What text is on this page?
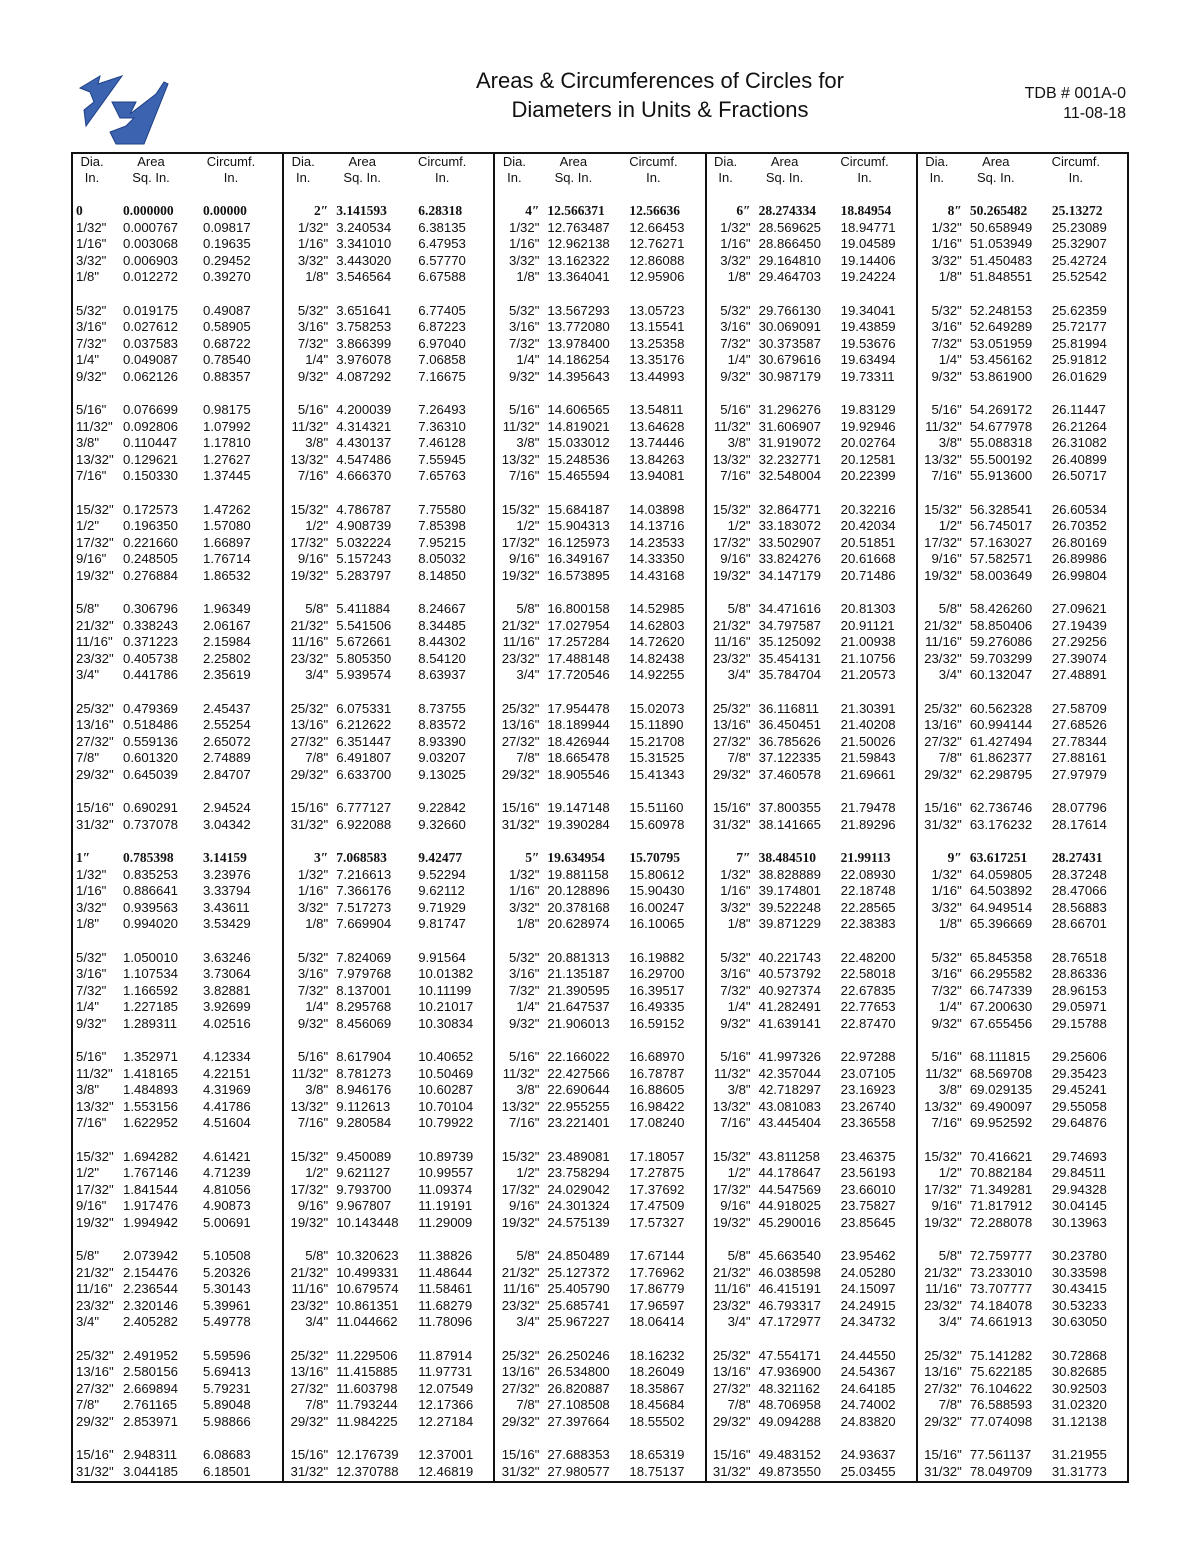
Areas & Circumferences of Circles for
Diameters in Units & Fractions
TDB # 001A-0
11-08-18
Dia.
In.
Area
Sq. In.
Circumf.
In.
0	0.000000	0.00000
1/32"	0.000767	0.09817
1/16"	0.003068	0.19635
3/32"	0.006903	0.29452
1/8"	0.012272	0.39270
5/32"	0.019175	0.49087
3/16"	0.027612	0.58905
7/32"	0.037583	0.68722
1/4"	0.049087	0.78540
9/32"	0.062126	0.88357
5/16"	0.076699	0.98175
11/32" 0.092806	1.07992
3/8"	0.110447	1.17810
13/32" 0.129621	1.27627
7/16"	0.150330	1.37445
15/32" 0.172573	1.47262
1/2"	0.196350	1.57080
17/32" 0.221660	1.66897
9/16"	0.248505	1.76714
19/32" 0.276884	1.86532
5/8"	0.306796	1.96349
21/32" 0.338243	2.06167
11/16" 0.371223	2.15984
23/32" 0.405738	2.25802
3/4"	0.441786	2.35619
25/32" 0.479369	2.45437
13/16" 0.518486	2.55254
27/32" 0.559136	2.65072
7/8"	0.601320	2.74889
29/32" 0.645039	2.84707
15/16" 0.690291	2.94524
31/32" 0.737078	3.04342
1″	0.785398	3.14159
1/32"	0.835253	3.23976
1/16"	0.886641	3.33794
3/32"	0.939563	3.43611
1/8"	0.994020	3.53429
5/32"	1.050010	3.63246
3/16"	1.107534	3.73064
7/32"	1.166592	3.82881
1/4"	1.227185	3.92699
9/32"	1.289311	4.02516
5/16"	1.352971	4.12334
11/32" 1.418165	4.22151
3/8"	1.484893	4.31969
13/32" 1.553156	4.41786
7/16"	1.622952	4.51604
15/32" 1.694282	4.61421
1/2"	1.767146	4.71239
17/32" 1.841544	4.81056
9/16"	1.917476	4.90873
19/32" 1.994942	5.00691
5/8"	2.073942	5.10508
21/32" 2.154476	5.20326
11/16" 2.236544	5.30143
23/32" 2.320146	5.39961
3/4"	2.405282	5.49778
25/32" 2.491952	5.59596
13/16" 2.580156	5.69413
27/32" 2.669894	5.79231
7/8"	2.761165	5.89048
29/32" 2.853971	5.98866
15/16" 2.948311	6.08683
31/32" 3.044185	6.18501
Dia.
In.
Area
Sq. In.
Circumf.
In.
2″ 3.141593	6.28318
1/32" 3.240534	6.38135
1/16" 3.341010	6.47953
3/32" 3.443020	6.57770
1/8" 3.546564	6.67588
5/32" 3.651641	6.77405
3/16" 3.758253	6.87223
7/32" 3.866399	6.97040
1/4" 3.976078	7.06858
9/32" 4.087292	7.16675
5/16" 4.200039	7.26493
11/32" 4.314321	7.36310
3/8" 4.430137	7.46128
13/32" 4.547486	7.55945
7/16" 4.666370	7.65763
15/32" 4.786787	7.75580
1/2" 4.908739	7.85398
17/32" 5.032224	7.95215
9/16" 5.157243	8.05032
19/32" 5.283797	8.14850
5/8" 5.411884	8.24667
21/32" 5.541506	8.34485
11/16" 5.672661	8.44302
23/32" 5.805350	8.54120
3/4" 5.939574	8.63937
25/32" 6.075331	8.73755
13/16" 6.212622	8.83572
27/32" 6.351447	8.93390
7/8" 6.491807	9.03207
29/32" 6.633700	9.13025
15/16" 6.777127	9.22842
31/32" 6.922088	9.32660
3″ 7.068583	9.42477
1/32" 7.216613	9.52294
1/16" 7.366176	9.62112
3/32" 7.517273	9.71929
1/8" 7.669904	9.81747
5/32" 7.824069	9.91564
3/16" 7.979768	10.01382
7/32" 8.137001	10.11199
1/4" 8.295768	10.21017
9/32" 8.456069	10.30834
5/16" 8.617904	10.40652
11/32" 8.781273	10.50469
3/8" 8.946176	10.60287
13/32" 9.112613	10.70104
7/16" 9.280584	10.79922
15/32" 9.450089	10.89739
1/2" 9.621127	10.99557
17/32" 9.793700	11.09374
9/16" 9.967807	11.19191
19/32" 10.143448	11.29009
5/8" 10.320623	11.38826
21/32" 10.499331	11.48644
11/16" 10.679574	11.58461
23/32" 10.861351	11.68279
3/4" 11.044662	11.78096
25/32" 11.229506	11.87914
13/16" 11.415885	11.97731
27/32" 11.603798	12.07549
7/8" 11.793244	12.17366
29/32" 11.984225	12.27184
15/16" 12.176739	12.37001
31/32" 12.370788	12.46819
Dia.
In.
Area
Sq. In.
Circumf.
In.
4″ 12.566371	12.56636
1/32" 12.763487	12.66453
1/16" 12.962138	12.76271
3/32" 13.162322	12.86088
1/8" 13.364041	12.95906
5/32" 13.567293	13.05723
3/16" 13.772080	13.15541
7/32" 13.978400	13.25358
1/4" 14.186254	13.35176
9/32" 14.395643	13.44993
5/16" 14.606565	13.54811
11/32" 14.819021	13.64628
3/8" 15.033012	13.74446
13/32" 15.248536	13.84263
7/16" 15.465594	13.94081
15/32" 15.684187	14.03898
1/2" 15.904313	14.13716
17/32" 16.125973	14.23533
9/16" 16.349167	14.33350
19/32" 16.573895	14.43168
5/8" 16.800158	14.52985
21/32" 17.027954	14.62803
11/16" 17.257284	14.72620
23/32" 17.488148	14.82438
3/4" 17.720546	14.92255
25/32" 17.954478	15.02073
13/16" 18.189944	15.11890
27/32" 18.426944	15.21708
7/8" 18.665478	15.31525
29/32" 18.905546	15.41343
15/16" 19.147148	15.51160
31/32" 19.390284	15.60978
5″ 19.634954	15.70795
1/32" 19.881158	15.80612
1/16" 20.128896	15.90430
3/32" 20.378168	16.00247
1/8" 20.628974	16.10065
5/32" 20.881313	16.19882
3/16" 21.135187	16.29700
7/32" 21.390595	16.39517
1/4" 21.647537	16.49335
9/32" 21.906013	16.59152
5/16" 22.166022	16.68970
11/32" 22.427566	16.78787
3/8" 22.690644	16.88605
13/32" 22.955255	16.98422
7/16" 23.221401	17.08240
15/32" 23.489081	17.18057
1/2" 23.758294	17.27875
17/32" 24.029042	17.37692
9/16" 24.301324	17.47509
19/32" 24.575139	17.57327
5/8" 24.850489	17.67144
21/32" 25.127372	17.76962
11/16" 25.405790	17.86779
23/32" 25.685741	17.96597
3/4" 25.967227	18.06414
25/32" 26.250246	18.16232
13/16" 26.534800	18.26049
27/32" 26.820887	18.35867
7/8" 27.108508	18.45684
29/32" 27.397664	18.55502
15/16" 27.688353	18.65319
31/32" 27.980577	18.75137
Dia.
In.
Area
Sq. In.
Circumf.
In.
6″ 28.274334	18.84954
1/32" 28.569625	18.94771
1/16" 28.866450	19.04589
3/32" 29.164810	19.14406
1/8" 29.464703	19.24224
5/32" 29.766130	19.34041
3/16" 30.069091	19.43859
7/32" 30.373587	19.53676
1/4" 30.679616	19.63494
9/32" 30.987179	19.73311
5/16" 31.296276	19.83129
11/32" 31.606907	19.92946
3/8" 31.919072	20.02764
13/32" 32.232771	20.12581
7/16" 32.548004	20.22399
15/32" 32.864771	20.32216
1/2" 33.183072	20.42034
17/32" 33.502907	20.51851
9/16" 33.824276	20.61668
19/32" 34.147179	20.71486
5/8" 34.471616	20.81303
21/32" 34.797587	20.91121
11/16" 35.125092	21.00938
23/32" 35.454131	21.10756
3/4" 35.784704	21.20573
25/32" 36.116811	21.30391
13/16" 36.450451	21.40208
27/32" 36.785626	21.50026
7/8" 37.122335	21.59843
29/32" 37.460578	21.69661
15/16" 37.800355	21.79478
31/32" 38.141665	21.89296
7″ 38.484510	21.99113
1/32" 38.828889	22.08930
1/16" 39.174801	22.18748
3/32" 39.522248	22.28565
1/8" 39.871229	22.38383
5/32" 40.221743	22.48200
3/16" 40.573792	22.58018
7/32" 40.927374	22.67835
1/4" 41.282491	22.77653
9/32" 41.639141	22.87470
5/16" 41.997326	22.97288
11/32" 42.357044	23.07105
3/8" 42.718297	23.16923
13/32" 43.081083	23.26740
7/16" 43.445404	23.36558
15/32" 43.811258	23.46375
1/2" 44.178647	23.56193
17/32" 44.547569	23.66010
9/16" 44.918025	23.75827
19/32" 45.290016	23.85645
5/8" 45.663540	23.95462
21/32" 46.038598	24.05280
11/16" 46.415191	24.15097
23/32" 46.793317	24.24915
3/4" 47.172977	24.34732
25/32" 47.554171	24.44550
13/16" 47.936900	24.54367
27/32" 48.321162	24.64185
7/8" 48.706958	24.74002
29/32" 49.094288	24.83820
15/16" 49.483152	24.93637
31/32" 49.873550	25.03455
Dia.
In.
Area
Sq. In.
Circumf.
In.
8″ 50.265482	25.13272
1/32" 50.658949	25.23089
1/16" 51.053949	25.32907
3/32" 51.450483	25.42724
1/8" 51.848551	25.52542
5/32" 52.248153	25.62359
3/16" 52.649289	25.72177
7/32" 53.051959	25.81994
1/4" 53.456162	25.91812
9/32" 53.861900	26.01629
5/16" 54.269172	26.11447
11/32" 54.677978	26.21264
3/8" 55.088318	26.31082
13/32" 55.500192	26.40899
7/16" 55.913600	26.50717
15/32" 56.328541	26.60534
1/2" 56.745017	26.70352
17/32" 57.163027	26.80169
9/16" 57.582571	26.89986
19/32" 58.003649	26.99804
5/8" 58.426260	27.09621
21/32" 58.850406	27.19439
11/16" 59.276086	27.29256
23/32" 59.703299	27.39074
3/4" 60.132047	27.48891
25/32" 60.562328	27.58709
13/16" 60.994144	27.68526
27/32" 61.427494	27.78344
7/8" 61.862377	27.88161
29/32" 62.298795	27.97979
15/16" 62.736746	28.07796
31/32" 63.176232	28.17614
9″ 63.617251	28.27431
1/32" 64.059805	28.37248
1/16" 64.503892	28.47066
3/32" 64.949514	28.56883
1/8" 65.396669	28.66701
5/32" 65.845358	28.76518
3/16" 66.295582	28.86336
7/32" 66.747339	28.96153
1/4" 67.200630	29.05971
9/32" 67.655456	29.15788
5/16" 68.111815	29.25606
11/32" 68.569708	29.35423
3/8" 69.029135	29.45241
13/32" 69.490097	29.55058
7/16" 69.952592	29.64876
15/32" 70.416621	29.74693
1/2" 70.882184	29.84511
17/32" 71.349281	29.94328
9/16" 71.817912	30.04145
19/32" 72.288078	30.13963
5/8" 72.759777	30.23780
21/32" 73.233010	30.33598
11/16" 73.707777	30.43415
23/32" 74.184078	30.53233
3/4" 74.661913	30.63050
25/32" 75.141282	30.72868
13/16" 75.622185	30.82685
27/32" 76.104622	30.92503
7/8" 76.588593	31.02320
29/32" 77.074098	31.12138
15/16" 77.561137	31.21955
31/32" 78.049709	31.31773
